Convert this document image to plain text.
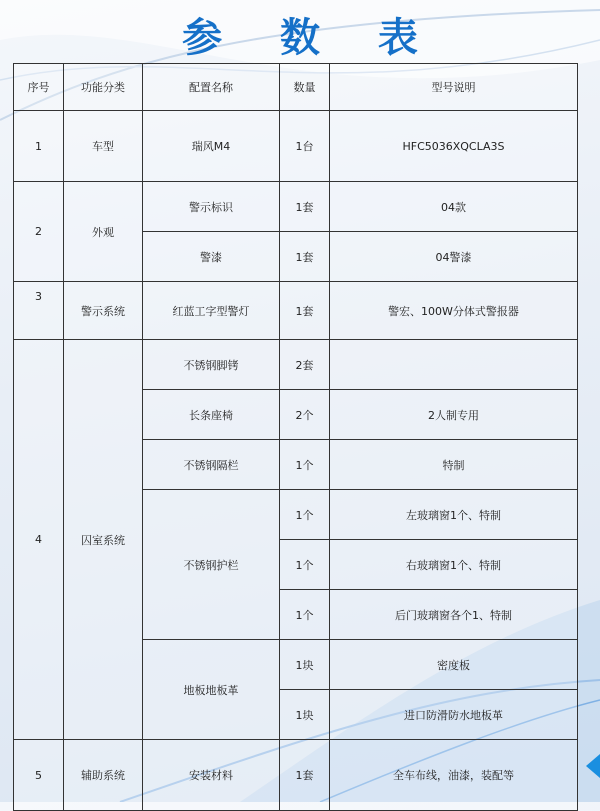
参 数 表
序号	功能分类	配置名称	数量	型号说明
1	车型	瑞风M4	1台	HFC5036XQCLA3S
2	外观	警示标识	1套	04款
		警漆	1套	04警漆
3	警示系统	红蓝工字型警灯	1套	警宏、100W分体式警报器
4	囚室系统	不锈钢脚铐	2套	
		长条座椅	2个	2人制专用
		不锈钢隔栏	1个	特制
		不锈钢护栏	1个	左玻璃窗1个、特制
			1个	右玻璃窗1个、特制
			1个	后门玻璃窗各个1、特制
		地板地板革	1块	密度板
			1块	进口防滑防水地板革
5	辅助系统	安装材料	1套	全车布线，油漆，装配等
